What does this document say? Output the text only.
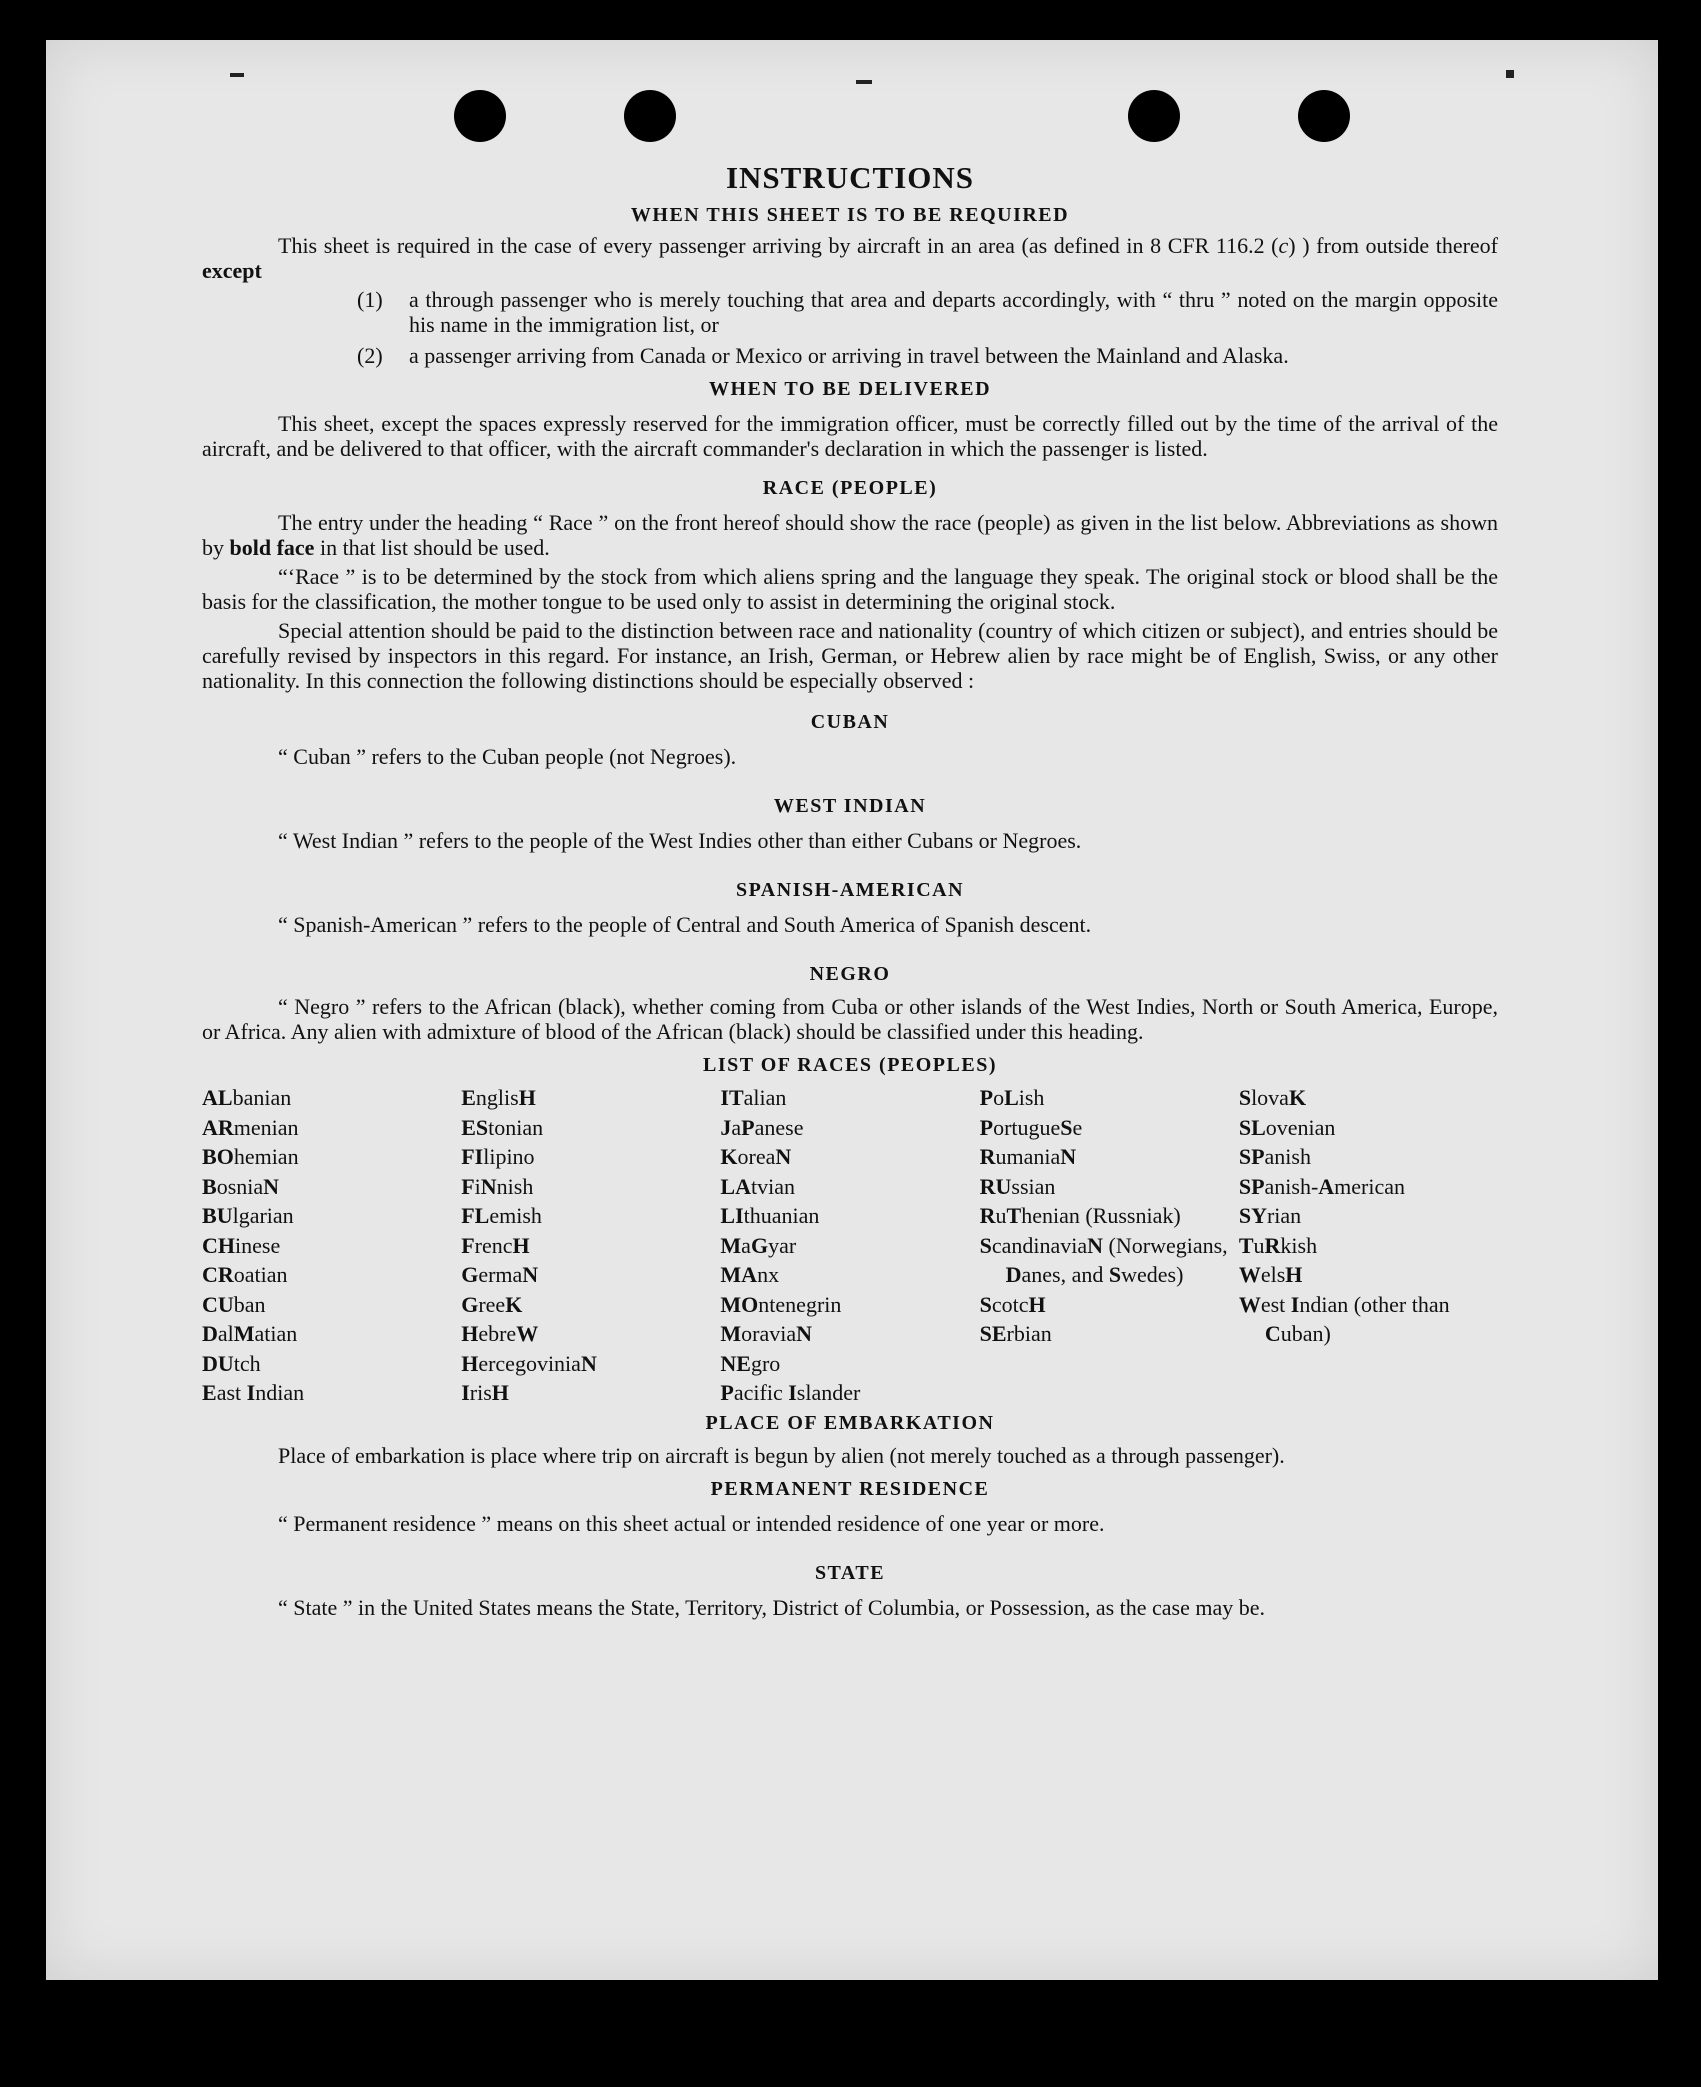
INSTRUCTIONS
WHEN THIS SHEET IS TO BE REQUIRED

This sheet is required in the case of every passenger arriving by aircraft in an area (as defined in 8 CFR 116.2 (c) ) from outside thereof except

(1)	a through passenger who is merely touching that area and departs accordingly, with “ thru ” noted on the margin opposite his name in the immigration list, or
(2)	a passenger arriving from Canada or Mexico or arriving in travel between the Mainland and Alaska.
WHEN TO BE DELIVERED

This sheet, except the spaces expressly reserved for the immigration officer, must be correctly filled out by the time of the arrival of the aircraft, and be delivered to that officer, with the aircraft commander's declaration in which the passenger is listed.

RACE (PEOPLE)

The entry under the heading “ Race ” on the front hereof should show the race (people) as given in the list below. Abbreviations as shown by bold face in that list should be used.

“‘Race ” is to be determined by the stock from which aliens spring and the language they speak. The original stock or blood shall be the basis for the classification, the mother tongue to be used only to assist in determining the original stock.

Special attention should be paid to the distinction between race and nationality (country of which citizen or subject), and entries should be carefully revised by inspectors in this regard. For instance, an Irish, German, or Hebrew alien by race might be of English, Swiss, or any other nationality. In this connection the following distinctions should be especially observed :

CUBAN

“ Cuban ” refers to the Cuban people (not Negroes).

WEST INDIAN

“ West Indian ” refers to the people of the West Indies other than either Cubans or Negroes.

SPANISH-AMERICAN

“ Spanish-American ” refers to the people of Central and South America of Spanish descent.

NEGRO

“ Negro ” refers to the African (black), whether coming from Cuba or other islands of the West Indies, North or South America, Europe, or Africa. Any alien with admixture of blood of the African (black) should be classified under this heading.

LIST OF RACES (PEOPLES)
ALbanian
ARmenian
BOhemian
BosniaN
BUlgarian
CHinese
CRoatian
CUban
DalMatian
DUtch
East Indian
EnglisH
EStonian
FIlipino
FiNnish
FLemish
FrencH
GermaN
GreeK
HebreW
HercegoviniaN
IrisH
ITalian
JaPanese
KoreaN
LAtvian
LIthuanian
MaGyar
MAnx
MOntenegrin
MoraviaN
NEgro
Pacific Islander
PoLish
PortugueSe
RumaniaN
RUssian
RuThenian (Russniak)
ScandinaviaN (Norwegians, Danes, and Swedes)
ScotcH
SErbian
SlovaK
SLovenian
SPanish
SPanish-American
SYrian
TuRkish
WelsH
West Indian (other than Cuban)
PLACE OF EMBARKATION

Place of embarkation is place where trip on aircraft is begun by alien (not merely touched as a through passenger).

PERMANENT RESIDENCE

“ Permanent residence ” means on this sheet actual or intended residence of one year or more.

STATE

“ State ” in the United States means the State, Territory, District of Columbia, or Possession, as the case may be.
